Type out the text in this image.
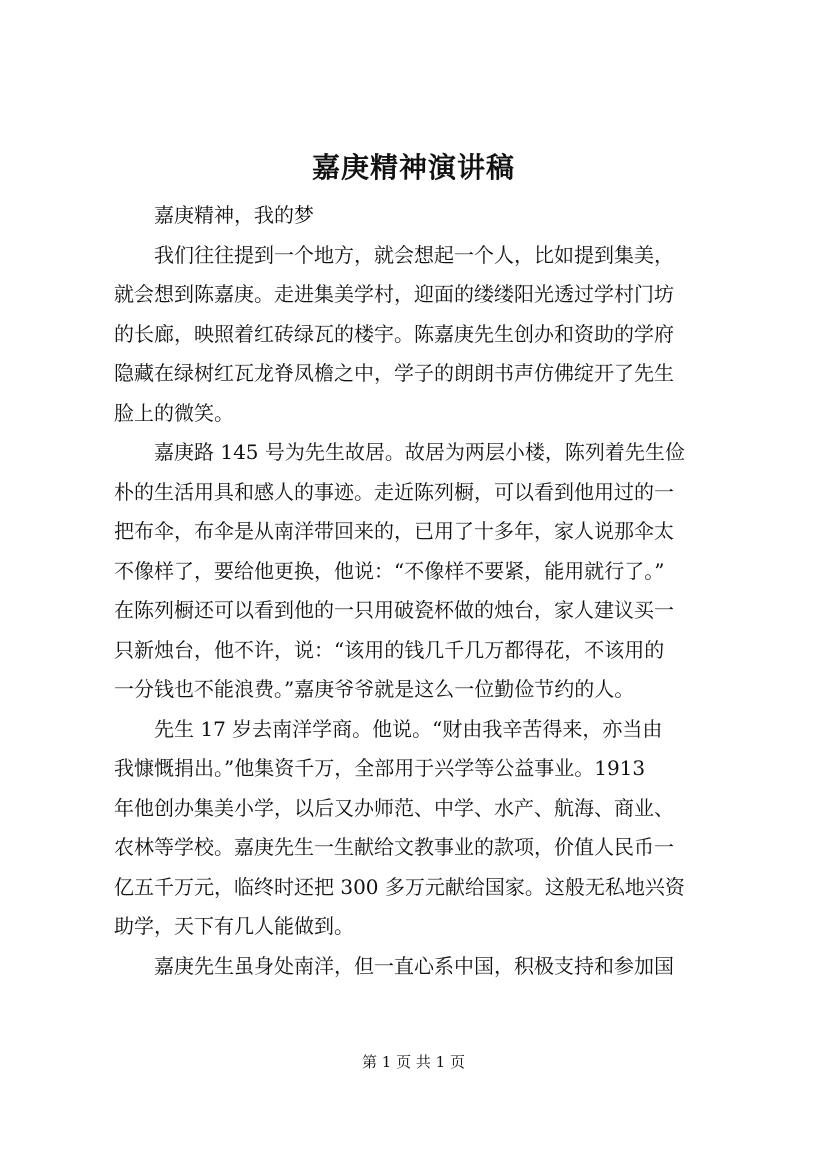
嘉庚精神演讲稿
嘉庚精神，我的梦
我们往往提到一个地方，就会想起一个人，比如提到集美，
就会想到陈嘉庚。走进集美学村，迎面的缕缕阳光透过学村门坊
的长廊，映照着红砖绿瓦的楼宇。陈嘉庚先生创办和资助的学府
隐藏在绿树红瓦龙脊凤檐之中，学子的朗朗书声仿佛绽开了先生
脸上的微笑。
嘉庚路 145 号为先生故居。故居为两层小楼，陈列着先生俭
朴的生活用具和感人的事迹。走近陈列橱，可以看到他用过的一
把布伞，布伞是从南洋带回来的，已用了十多年，家人说那伞太
不像样了，要给他更换，他说：“不像样不要紧，能用就行了。”
在陈列橱还可以看到他的一只用破瓷杯做的烛台，家人建议买一
只新烛台，他不许，说：“该用的钱几千几万都得花，不该用的
一分钱也不能浪费。”嘉庚爷爷就是这么一位勤俭节约的人。
先生 17 岁去南洋学商。他说。“财由我辛苦得来，亦当由
我慷慨捐出。”他集资千万，全部用于兴学等公益事业。1913
年他创办集美小学，以后又办师范、中学、水产、航海、商业、
农林等学校。嘉庚先生一生献给文教事业的款项，价值人民币一
亿五千万元，临终时还把 300 多万元献给国家。这般无私地兴资
助学，天下有几人能做到。
嘉庚先生虽身处南洋，但一直心系中国，积极支持和参加国
第 1 页 共 1 页
